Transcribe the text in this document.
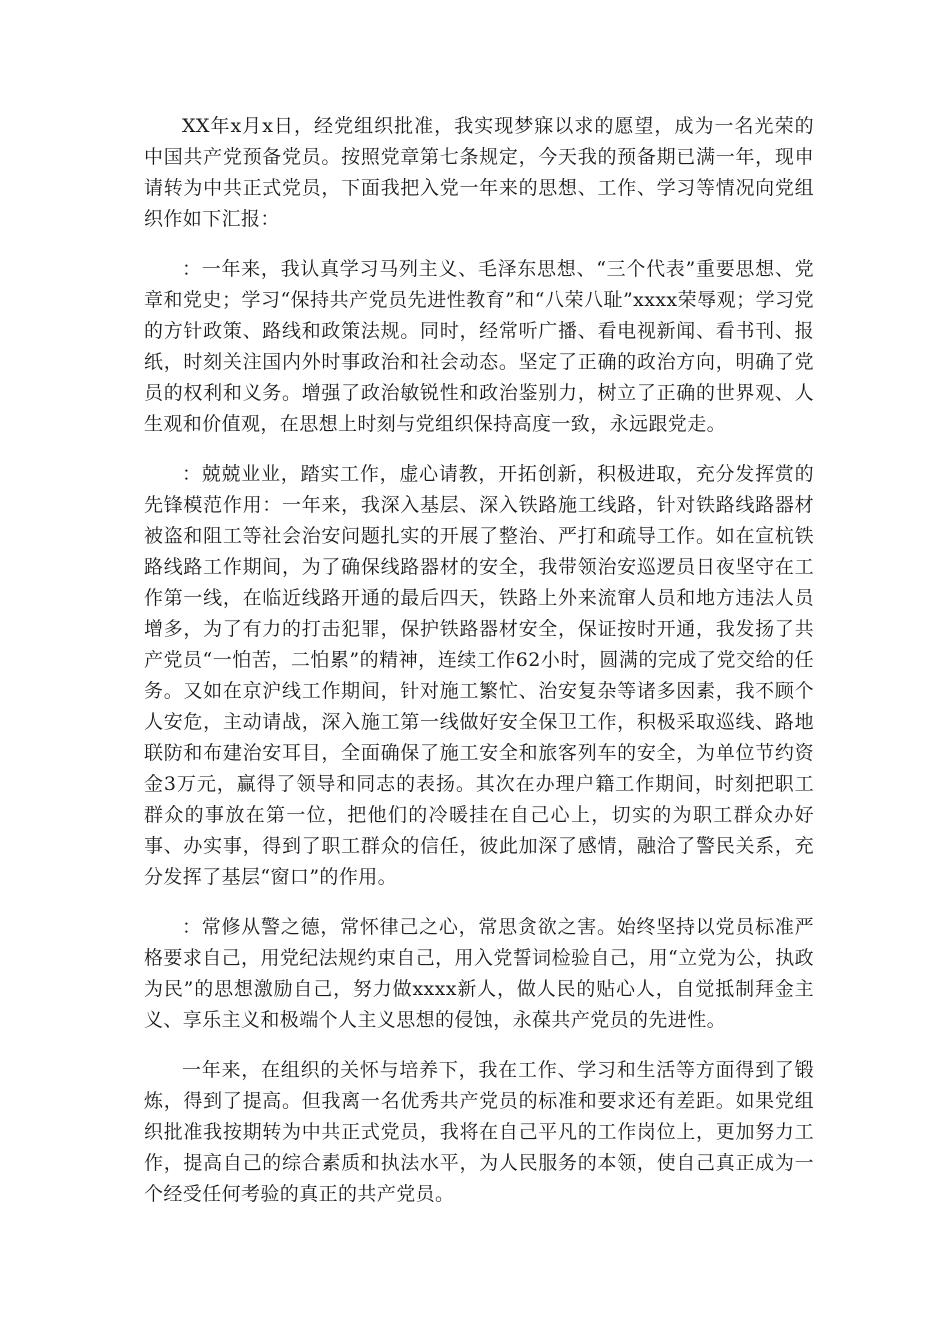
XX年x月x日，经党组织批准，我实现梦寐以求的愿望，成为一名光荣的中国共产党预备党员。按照党章第七条规定，今天我的预备期已满一年，现申请转为中共正式党员，下面我把入党一年来的思想、工作、学习等情况向党组织作如下汇报：

：一年来，我认真学习马列主义、毛泽东思想、“三个代表”重要思想、党章和党史；学习“保持共产党员先进性教育”和“八荣八耻”xxxx荣辱观；学习党的方针政策、路线和政策法规。同时，经常听广播、看电视新闻、看书刊、报纸，时刻关注国内外时事政治和社会动态。坚定了正确的政治方向，明确了党员的权利和义务。增强了政治敏锐性和政治鉴别力，树立了正确的世界观、人生观和价值观，在思想上时刻与党组织保持高度一致，永远跟党走。

：兢兢业业，踏实工作，虚心请教，开拓创新，积极进取，充分发挥赏的先锋模范作用：一年来，我深入基层、深入铁路施工线路，针对铁路线路器材被盗和阻工等社会治安问题扎实的开展了整治、严打和疏导工作。如在宣杭铁路线路工作期间，为了确保线路器材的安全，我带领治安巡逻员日夜坚守在工作第一线，在临近线路开通的最后四天，铁路上外来流窜人员和地方违法人员增多，为了有力的打击犯罪，保护铁路器材安全，保证按时开通，我发扬了共产党员“一怕苦，二怕累”的精神，连续工作62小时，圆满的完成了党交给的任务。又如在京沪线工作期间，针对施工繁忙、治安复杂等诸多因素，我不顾个人安危，主动请战，深入施工第一线做好安全保卫工作，积极采取巡线、路地联防和布建治安耳目，全面确保了施工安全和旅客列车的安全，为单位节约资金3万元，赢得了领导和同志的表扬。其次在办理户籍工作期间，时刻把职工群众的事放在第一位，把他们的冷暖挂在自己心上，切实的为职工群众办好事、办实事，得到了职工群众的信任，彼此加深了感情，融洽了警民关系，充分发挥了基层“窗口”的作用。

：常修从警之德，常怀律己之心，常思贪欲之害。始终坚持以党员标准严格要求自己，用党纪法规约束自己，用入党誓词检验自己，用“立党为公，执政为民”的思想激励自己，努力做xxxx新人，做人民的贴心人，自觉抵制拜金主义、享乐主义和极端个人主义思想的侵蚀，永葆共产党员的先进性。

一年来，在组织的关怀与培养下，我在工作、学习和生活等方面得到了锻炼，得到了提高。但我离一名优秀共产党员的标准和要求还有差距。如果党组织批准我按期转为中共正式党员，我将在自己平凡的工作岗位上，更加努力工作，提高自己的综合素质和执法水平，为人民服务的本领，使自己真正成为一个经受任何考验的真正的共产党员。
